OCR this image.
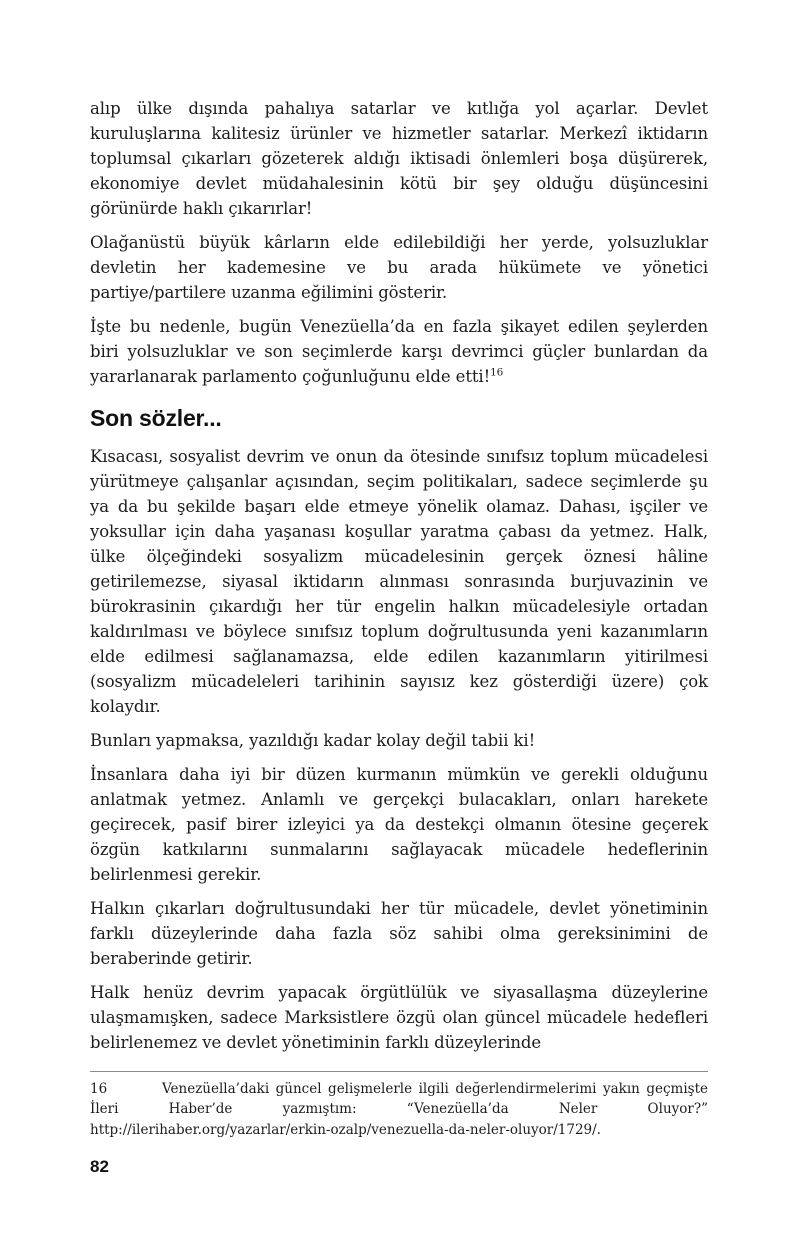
alıp ülke dışında pahalıya satarlar ve kıtlığa yol açarlar. Devlet kuruluşlarına kalitesiz ürünler ve hizmetler satarlar. Merkezî iktidarın toplumsal çıkarları gözeterek aldığı iktisadi önlemleri boşa düşürerek, ekonomiye devlet müdahalesinin kötü bir şey olduğu düşüncesini görünürde haklı çıkarırlar!

Olağanüstü büyük kârların elde edilebildiği her yerde, yolsuzluklar devletin her kademesine ve bu arada hükümete ve yönetici partiye/partilere uzanma eğilimini gösterir.

İşte bu nedenle, bugün Venezüella’da en fazla şikayet edilen şeylerden biri yolsuzluklar ve son seçimlerde karşı devrimci güçler bunlardan da yararlanarak parlamento çoğunluğunu elde etti!$^{16}$

Son sözler...

Kısacası, sosyalist devrim ve onun da ötesinde sınıfsız toplum mücadelesi yürütmeye çalışanlar açısından, seçim politikaları, sadece seçimlerde şu ya da bu şekilde başarı elde etmeye yönelik olamaz. Dahası, işçiler ve yoksullar için daha yaşanası koşullar yaratma çabası da yetmez. Halk, ülke ölçeğindeki sosyalizm mücadelesinin gerçek öznesi hâline getirilemezse, siyasal iktidarın alınması sonrasında burjuvazinin ve bürokrasinin çıkardığı her tür engelin halkın mücadelesiyle ortadan kaldırılması ve böylece sınıfsız toplum doğrultusunda yeni kazanımların elde edilmesi sağlanamazsa, elde edilen kazanımların yitirilmesi (sosyalizm mücadeleleri tarihinin sayısız kez gösterdiği üzere) çok kolaydır.

Bunları yapmaksa, yazıldığı kadar kolay değil tabii ki!

İnsanlara daha iyi bir düzen kurmanın mümkün ve gerekli olduğunu anlatmak yetmez. Anlamlı ve gerçekçi bulacakları, onları harekete geçirecek, pasif birer izleyici ya da destekçi olmanın ötesine geçerek özgün katkılarını sunmalarını sağlayacak mücadele hedeflerinin belirlenmesi gerekir.

Halkın çıkarları doğrultusundaki her tür mücadele, devlet yönetiminin farklı düzeylerinde daha fazla söz sahibi olma gereksinimini de beraberinde getirir.

Halk henüz devrim yapacak örgütlülük ve siyasallaşma düzeylerine ulaşmamışken, sadece Marksistlere özgü olan güncel mücadele hedefleri belirlenemez ve devlet yönetiminin farklı düzeylerinde

16	Venezüella’daki güncel gelişmelerle ilgili değerlendirmelerimi yakın geçmişte İleri Haber’de yazmıştım: “Venezüella’da Neler Oluyor?” http://ilerihaber.org/yazarlar/erkin-ozalp/venezuella-da-neler-oluyor/1729/.

82
